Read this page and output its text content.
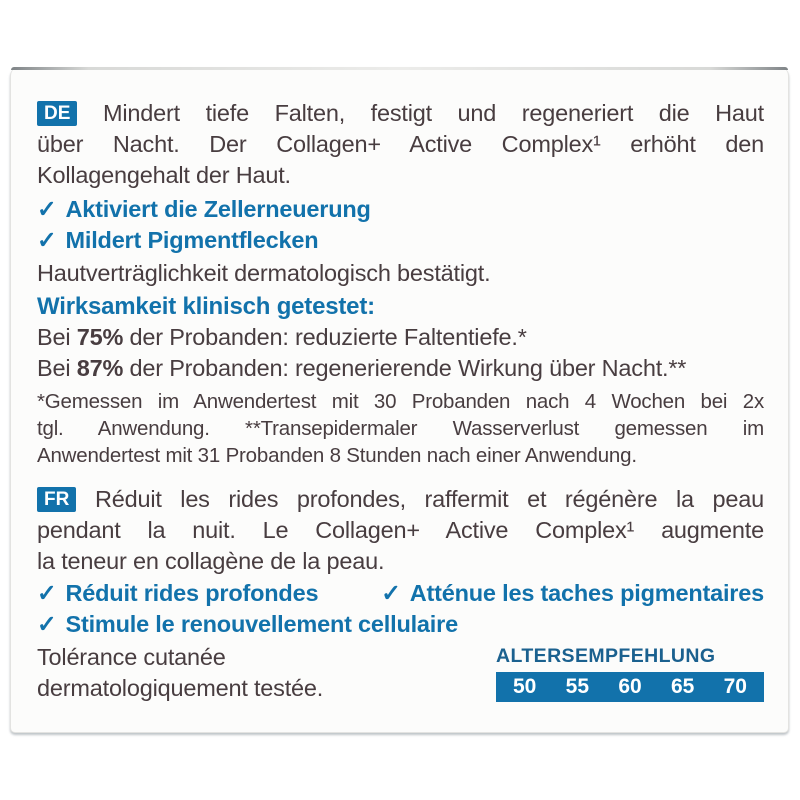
DE Mindert tiefe Falten, festigt und regeneriert die Haut
über Nacht. Der Collagen+ Active Complex¹ erhöht den
Kollagengehalt der Haut.
✓ Aktiviert die Zellerneuerung
✓ Mildert Pigmentflecken
Hautverträglichkeit dermatologisch bestätigt.
Wirksamkeit klinisch getestet:
Bei 75% der Probanden: reduzierte Faltentiefe.*
Bei 87% der Probanden: regenerierende Wirkung über Nacht.**
*Gemessen im Anwendertest mit 30 Probanden nach 4 Wochen bei 2x
tgl. Anwendung. **Transepidermaler Wasserverlust gemessen im
Anwendertest mit 31 Probanden 8 Stunden nach einer Anwendung.
FR Réduit les rides profondes, raffermit et régénère la peau
pendant la nuit. Le Collagen+ Active Complex¹ augmente
la teneur en collagène de la peau.
✓ Réduit rides profondes	✓ Atténue les taches pigmentaires
✓ Stimule le renouvellement cellulaire
Tolérance cutanée
dermatologiquement testée.
ALTERSEMPFEHLUNG
50 55 60 65 70
